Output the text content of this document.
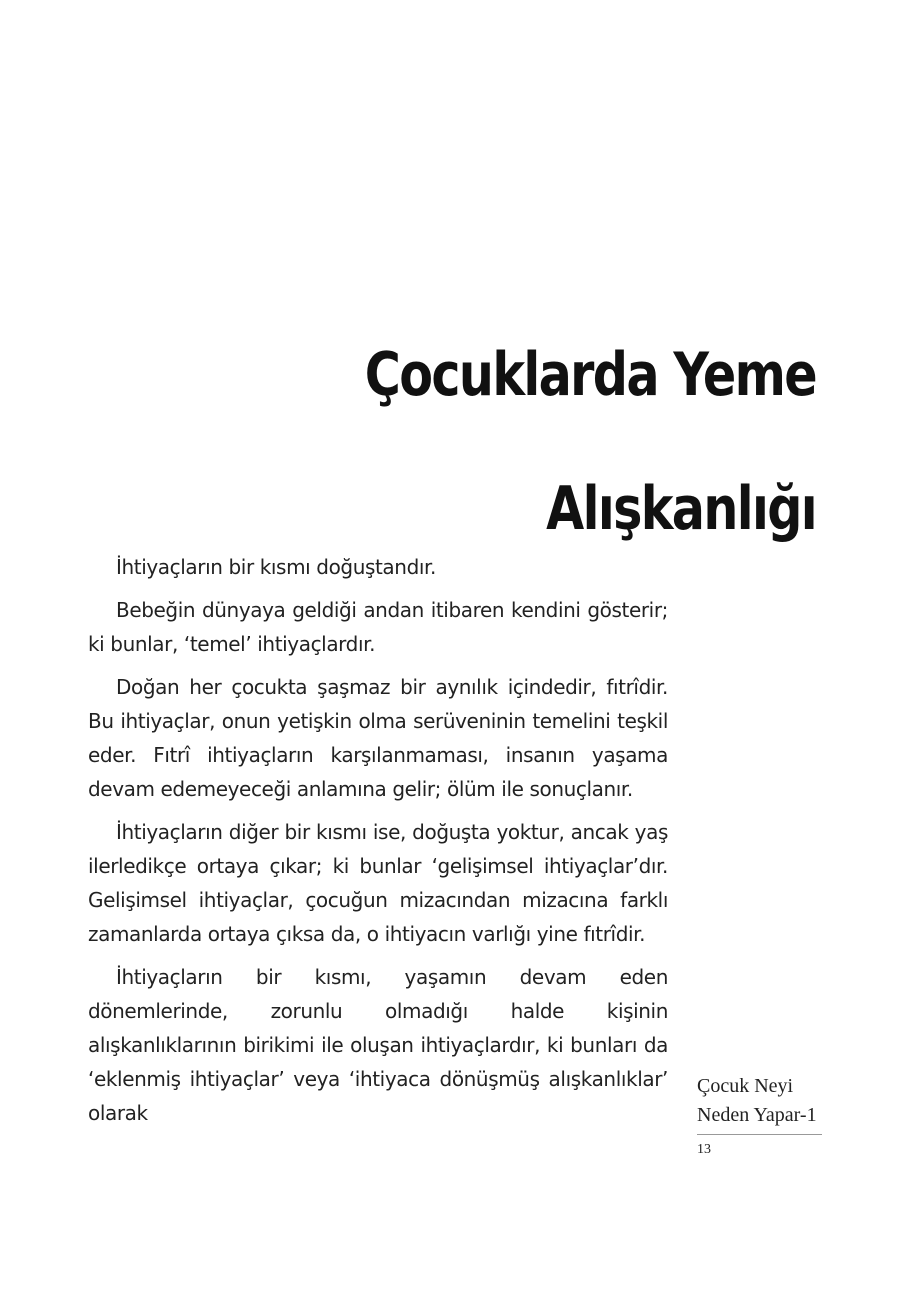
Çocuklarda Yeme
Alışkanlığı

İhtiyaçların bir kısmı doğuştandır.

Bebeğin dünyaya geldiği andan itibaren kendini gösterir; ki bunlar, ‘temel’ ihtiyaçlardır.

Doğan her çocukta şaşmaz bir aynılık içindedir, fıtrîdir. Bu ihtiyaçlar, onun yetişkin olma serüveninin temelini teşkil eder. Fıtrî ihtiyaçların karşılanmaması, insanın yaşama devam edemeyeceği anlamına gelir; ölüm ile sonuçlanır.

İhtiyaçların diğer bir kısmı ise, doğuşta yoktur, ancak yaş ilerledikçe ortaya çıkar; ki bunlar ‘gelişimsel ihtiyaçlar’dır. Gelişimsel ihtiyaçlar, çocuğun mizacından mizacına farklı zamanlarda ortaya çıksa da, o ihtiyacın varlığı yine fıtrîdir.

İhtiyaçların bir kısmı, yaşamın devam eden dönemlerinde, zorunlu olmadığı halde kişinin alışkanlıklarının birikimi ile oluşan ihtiyaçlardır, ki bunları da ‘eklenmiş ihtiyaçlar’ veya ‘ihtiyaca dönüşmüş alışkanlıklar’ olarak

Çocuk Neyi
Neden Yapar-1
13
